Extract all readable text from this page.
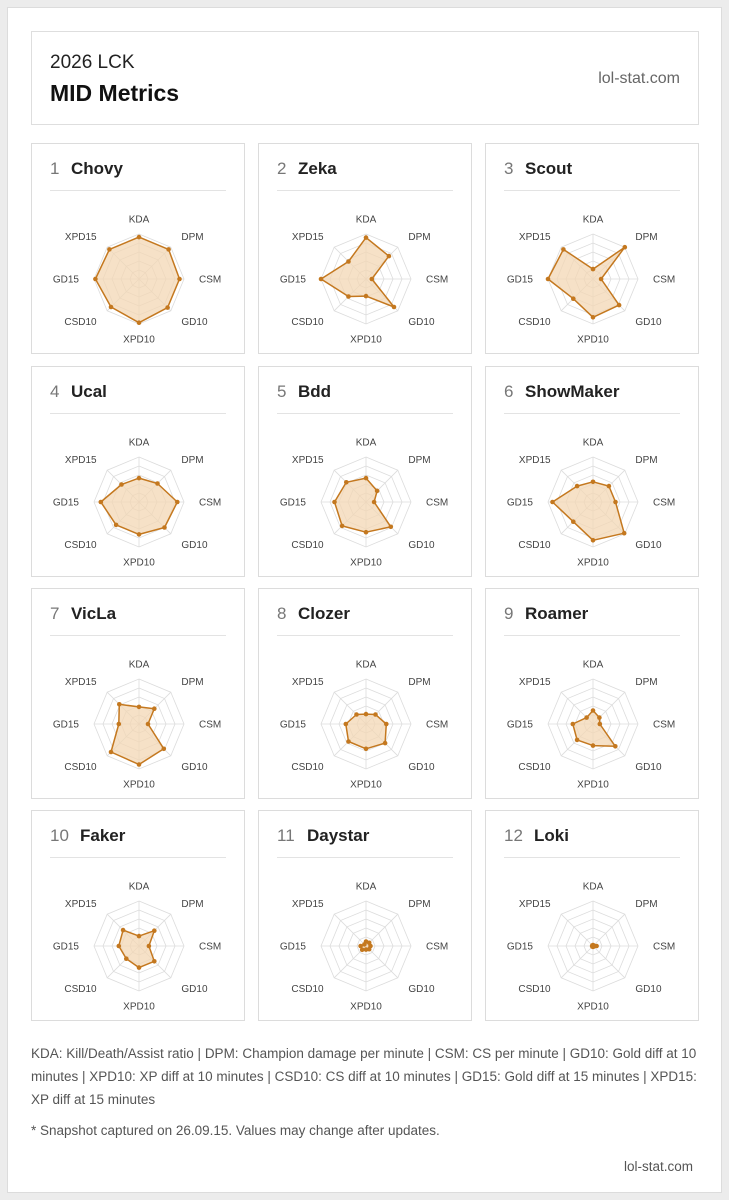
2026 LCK
MID Metrics
lol-stat.com
1 Chovy
KDA
DPM
CSM
GD10
XPD10
CSD10
GD15
XPD15
2 Zeka
KDA
DPM
CSM
GD10
XPD10
CSD10
GD15
XPD15
3 Scout
KDA
DPM
CSM
GD10
XPD10
CSD10
GD15
XPD15
4 Ucal
KDA
DPM
CSM
GD10
XPD10
CSD10
GD15
XPD15
5 Bdd
KDA
DPM
CSM
GD10
XPD10
CSD10
GD15
XPD15
6 ShowMaker
KDA
DPM
CSM
GD10
XPD10
CSD10
GD15
XPD15
7 VicLa
KDA
DPM
CSM
GD10
XPD10
CSD10
GD15
XPD15
8 Clozer
KDA
DPM
CSM
GD10
XPD10
CSD10
GD15
XPD15
9 Roamer
KDA
DPM
CSM
GD10
XPD10
CSD10
GD15
XPD15
10 Faker
KDA
DPM
CSM
GD10
XPD10
CSD10
GD15
XPD15
11 Daystar
KDA
DPM
CSM
GD10
XPD10
CSD10
GD15
XPD15
12 Loki
KDA
DPM
CSM
GD10
XPD10
CSD10
GD15
XPD15
KDA: Kill/Death/Assist ratio | DPM: Champion damage per minute | CSM: CS per minute | GD10: Gold diff at 10 minutes | XPD10: XP diff at 10 minutes | CSD10: CS diff at 10 minutes | GD15: Gold diff at 15 minutes | XPD15: XP diff at 15 minutes
* Snapshot captured on 26.09.15. Values may change after updates.
lol-stat.com
